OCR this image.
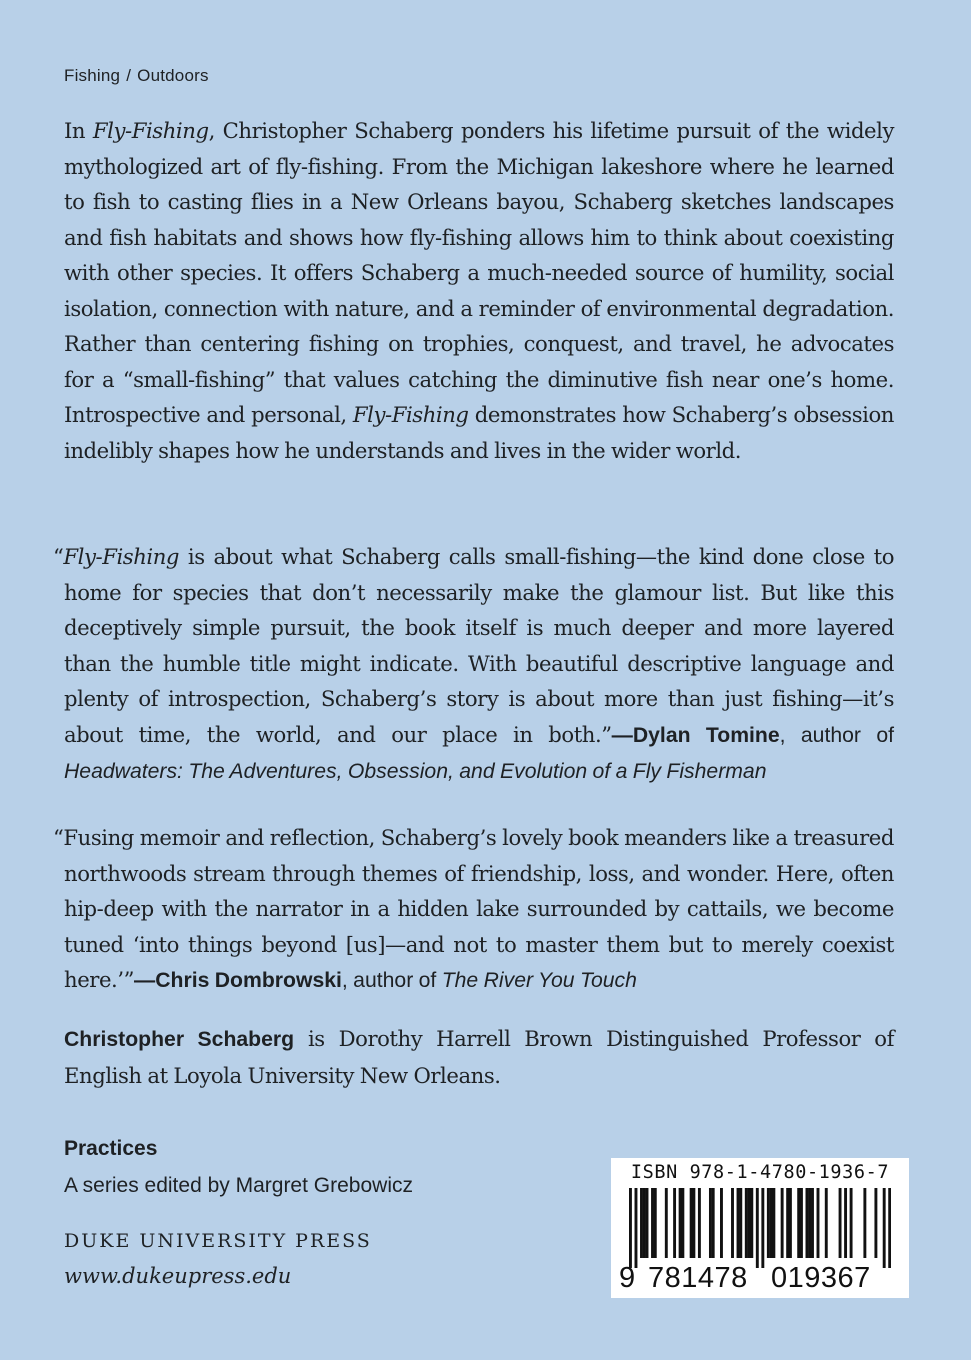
Fishing / Outdoors

In Fly-Fishing, Christopher Schaberg ponders his lifetime pursuit of the widely mythologized art of fly-fishing. From the Michigan lakeshore where he learned to fish to casting flies in a New Orleans bayou, Schaberg sketches landscapes and fish habitats and shows how fly-fishing allows him to think about coexisting with other species. It offers Schaberg a much-needed source of humility, social isolation, connection with nature, and a reminder of environmental degradation. Rather than centering fishing on trophies, conquest, and travel, he advocates for a “small-fishing” that values catching the diminutive fish near one’s home. Introspective and personal, Fly-Fishing demonstrates how Schaberg’s obsession indelibly shapes how he understands and lives in the wider world.

“Fly-Fishing is about what Schaberg calls small-fishing—the kind done close to home for species that don’t necessarily make the glamour list. But like this deceptively simple pursuit, the book itself is much deeper and more layered than the humble title might indicate. With beautiful descriptive language and plenty of introspection, Schaberg’s story is about more than just fishing—it’s about time, the world, and our place in both.”—Dylan Tomine, author of Headwaters: The Adventures, Obsession, and Evolution of a Fly Fisherman

“Fusing memoir and reflection, Schaberg’s lovely book meanders like a treasured northwoods stream through themes of friendship, loss, and wonder. Here, often hip-deep with the narrator in a hidden lake surrounded by cattails, we become tuned ‘into things beyond [us]—and not to master them but to merely coexist here.’”—Chris Dombrowski, author of The River You Touch

Christopher Schaberg is Dorothy Harrell Brown Distinguished Professor of English at Loyola University New Orleans.

Practices
A series edited by Margret Grebowicz
DUKE UNIVERSITY PRESS
www.dukeupress.edu
ISBN 978-1-4780-1936-7
9 781478 019367
